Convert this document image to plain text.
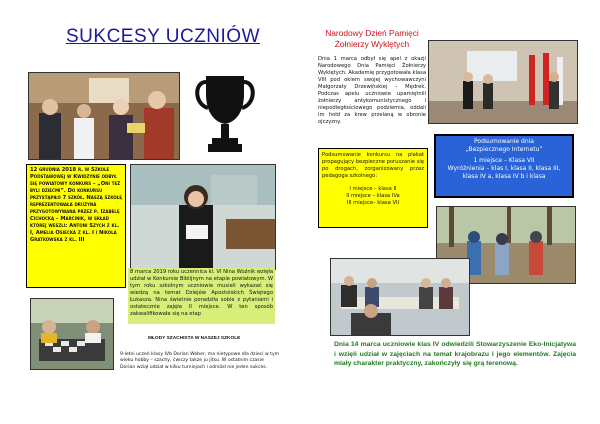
SUKCESY UCZNIÓW
12 grudnia 2018 r. w Szkole Podstawowej w Kwidzynie odbył się powiatowy konkurs – „Oni też byli dziećmi”. Do konkursu przystąpiło 7 szkół. Naszą szkołę reprezentowała drużyna przygotowywana przez p. Izabelę Cichocką – Marcinik, w skład której weszli: Antoni Szych z kl. I, Amelia Osiecka z kl. I i Nikola Gratkowska z kl. III
8 marca 2019 roku uczennica kl. VI Nina Woźnik wzięła udział w Konkursie Biblijnym na etapie powiatowym. W tym roku szkolnym uczniowie musieli wykazać się wiedzą na temat Dziejów Apostolskich Świętego Łukasza. Nina świetnie poradziła sobie z pytaniami i ostatecznie zajęła II miejsce. W ten sposób zakwalifikowała się na etap
MŁODY SZACHISTA W NASZEJ SZKOLE
9-letni uczeń klasy IVb Dorian Weber, ma nietypowe dla dzieci w tym wieku hobby – szachy, ćwiczy także ju jitsu. W ostatnim czasie Dorian wziął udział w kilku turniejach i odniósł nie jeden sukces.
Narodowy Dzień Pamięci
Żołnierzy Wyklętych
Dnia 1 marca odbył się apel z okazji Narodowego Dnia Pamięci Żołnierzy Wyklętych. Akademię przygotowała klasa VIII pod okiem swojej wychowawczyni Małgorzaty Drzewińskiej – Mędrek. Podczas apelu uczniowie upamiętnili żołnierzy antykomunistycznego i niepodległościowego podziemia, oddali im hołd za krew przelaną w obronie ojczyzny.
Podsumowanie konkursu na plakat propagujący bezpieczne poruszanie się po drogach, zorganizowany przez pedagoga szkolnego:
I miejsce – klasa II
II miejsce – klasa IVa
III miejsce– klasa VII
Podsumowanie dnia
„Bezpiecznego Internetu”
1 miejsce – Klasa VII
Wyróżnienia – klas I, klasa II, klasa III, klasa IV a, klasa IV b i klasa
Dnia 14 marca uczniowie klas IV odwiedzili Stowarzyszenie Eko-Inicjatywa i wzięli udział w zajęciach na temat krajobrazu i jego elementów. Zajęcia miały charakter praktyczny, zakończyły się grą terenową.
